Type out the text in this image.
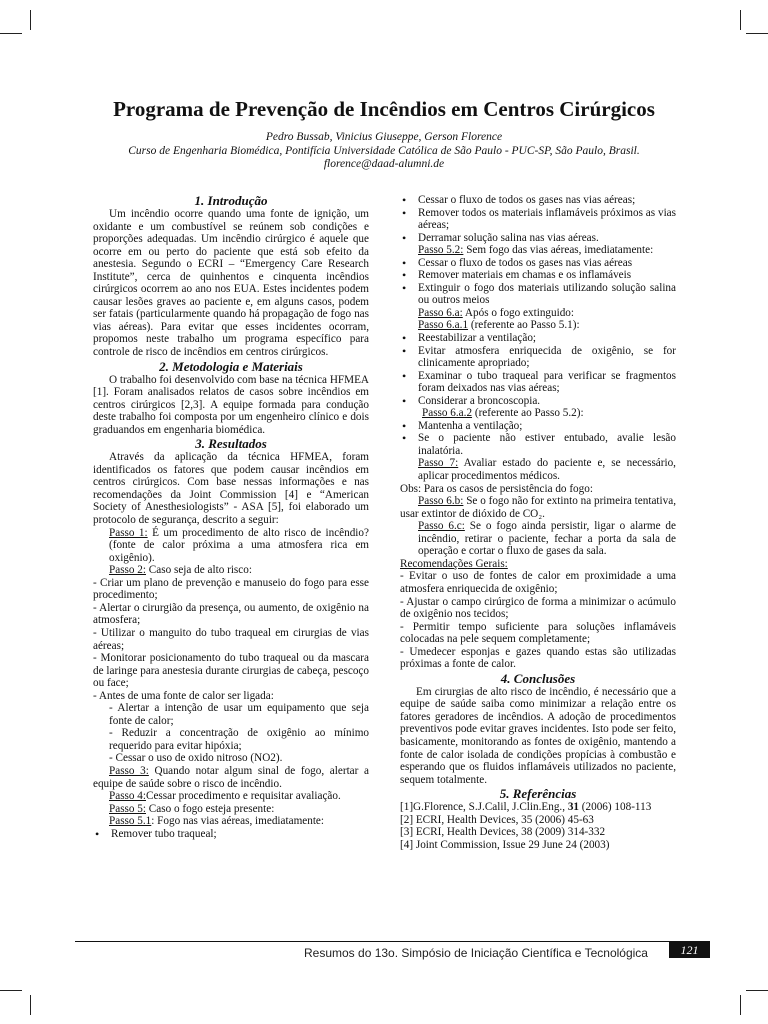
Programa de Prevenção de Incêndios em Centros Cirúrgicos
Pedro Bussab, Vinicius Giuseppe, Gerson Florence
Curso de Engenharia Biomédica, Pontifícia Universidade Católica de São Paulo - PUC-SP, São Paulo, Brasil.
florence@daad-alumni.de
1. Introdução

Um incêndio ocorre quando uma fonte de ignição, um oxidante e um combustível se reúnem sob condições e proporções adequadas. Um incêndio cirúrgico é aquele que ocorre em ou perto do paciente que está sob efeito da anestesia. Segundo o ECRI – “Emergency Care Research Institute”, cerca de quinhentos e cinquenta incêndios cirúrgicos ocorrem ao ano nos EUA. Estes incidentes podem causar lesões graves ao paciente e, em alguns casos, podem ser fatais (particularmente quando há propagação de fogo nas vias aéreas). Para evitar que esses incidentes ocorram, propomos neste trabalho um programa específico para controle de risco de incêndios em centros cirúrgicos.

2. Metodologia e Materiais

O trabalho foi desenvolvido com base na técnica HFMEA [1]. Foram analisados relatos de casos sobre incêndios em centros cirúrgicos [2,3]. A equipe formada para condução deste trabalho foi composta por um engenheiro clínico e dois graduandos em engenharia biomédica.

3. Resultados

Através da aplicação da técnica HFMEA, foram identificados os fatores que podem causar incêndios em centros cirúrgicos. Com base nessas informações e nas recomendações da Joint Commission [4] e “American Society of Anesthesiologists” - ASA [5], foi elaborado um protocolo de segurança, descrito a seguir:

Passo 1: É um procedimento de alto risco de incêndio? (fonte de calor próxima a uma atmosfera rica em oxigênio).

Passo 2: Caso seja de alto risco:

- Criar um plano de prevenção e manuseio do fogo para esse procedimento;

- Alertar o cirurgião da presença, ou aumento, de oxigênio na atmosfera;

- Utilizar o manguito do tubo traqueal em cirurgias de vias aéreas;

- Monitorar posicionamento do tubo traqueal ou da mascara de laringe para anestesia durante cirurgias de cabeça, pescoço ou face;

- Antes de uma fonte de calor ser ligada:

- Alertar a intenção de usar um equipamento que seja fonte de calor;

- Reduzir a concentração de oxigênio ao mínimo requerido para evitar hipóxia;

- Cessar o uso de oxido nitroso (NO2).

Passo 3: Quando notar algum sinal de fogo, alertar a equipe de saúde sobre o risco de incêndio.

Passo 4:Cessar procedimento e requisitar avaliação.

Passo 5: Caso o fogo esteja presente:

Passo 5.1: Fogo nas vias aéreas, imediatamente:

• Remover tubo traqueal;
• Cessar o fluxo de todos os gases nas vias aéreas;
• Remover todos os materiais inflamáveis próximos as vias aéreas;
• Derramar solução salina nas vias aéreas.

Passo 5.2: Sem fogo das vias aéreas, imediatamente:

• Cessar o fluxo de todos os gases nas vias aéreas
• Remover materiais em chamas e os inflamáveis
• Extinguir o fogo dos materiais utilizando solução salina ou outros meios

Passo 6.a: Após o fogo extinguido:

Passo 6.a.1 (referente ao Passo 5.1):

• Reestabilizar a ventilação;
• Evitar atmosfera enriquecida de oxigênio, se for clinicamente apropriado;
• Examinar o tubo traqueal para verificar se fragmentos foram deixados nas vias aéreas;
• Considerar a broncoscopia.

Passo 6.a.2 (referente ao Passo 5.2):

• Mantenha a ventilação;
• Se o paciente não estiver entubado, avalie lesão inalatória.

Passo 7: Avaliar estado do paciente e, se necessário, aplicar procedimentos médicos.

Obs: Para os casos de persistência do fogo:

Passo 6.b: Se o fogo não for extinto na primeira tentativa, usar extintor de dióxido de CO₂.

Passo 6.c: Se o fogo ainda persistir, ligar o alarme de incêndio, retirar o paciente, fechar a porta da sala de operação e cortar o fluxo de gases da sala.

Recomendações Gerais:

- Evitar o uso de fontes de calor em proximidade a uma atmosfera enriquecida de oxigênio;

- Ajustar o campo cirúrgico de forma a minimizar o acúmulo de oxigênio nos tecidos;

- Permitir tempo suficiente para soluções inflamáveis colocadas na pele sequem completamente;

- Umedecer esponjas e gazes quando estas são utilizadas próximas a fonte de calor.

4. Conclusões

Em cirurgias de alto risco de incêndio, é necessário que a equipe de saúde saiba como minimizar a relação entre os fatores geradores de incêndios. A adoção de procedimentos preventivos pode evitar graves incidentes. Isto pode ser feito, basicamente, monitorando as fontes de oxigênio, mantendo a fonte de calor isolada de condições propícias à combustão e esperando que os fluidos inflamáveis utilizados no paciente, sequem totalmente.

5. Referências

[1]G.Florence, S.J.Calil, J.Clin.Eng., 31 (2006) 108-113

[2] ECRI, Health Devices, 35 (2006) 45-63

[3] ECRI, Health Devices, 38 (2009) 314-332

[4] Joint Commission, Issue 29 June 24 (2003)

Resumos do 13o. Simpósio de Iniciação Científica e Tecnológica	121
